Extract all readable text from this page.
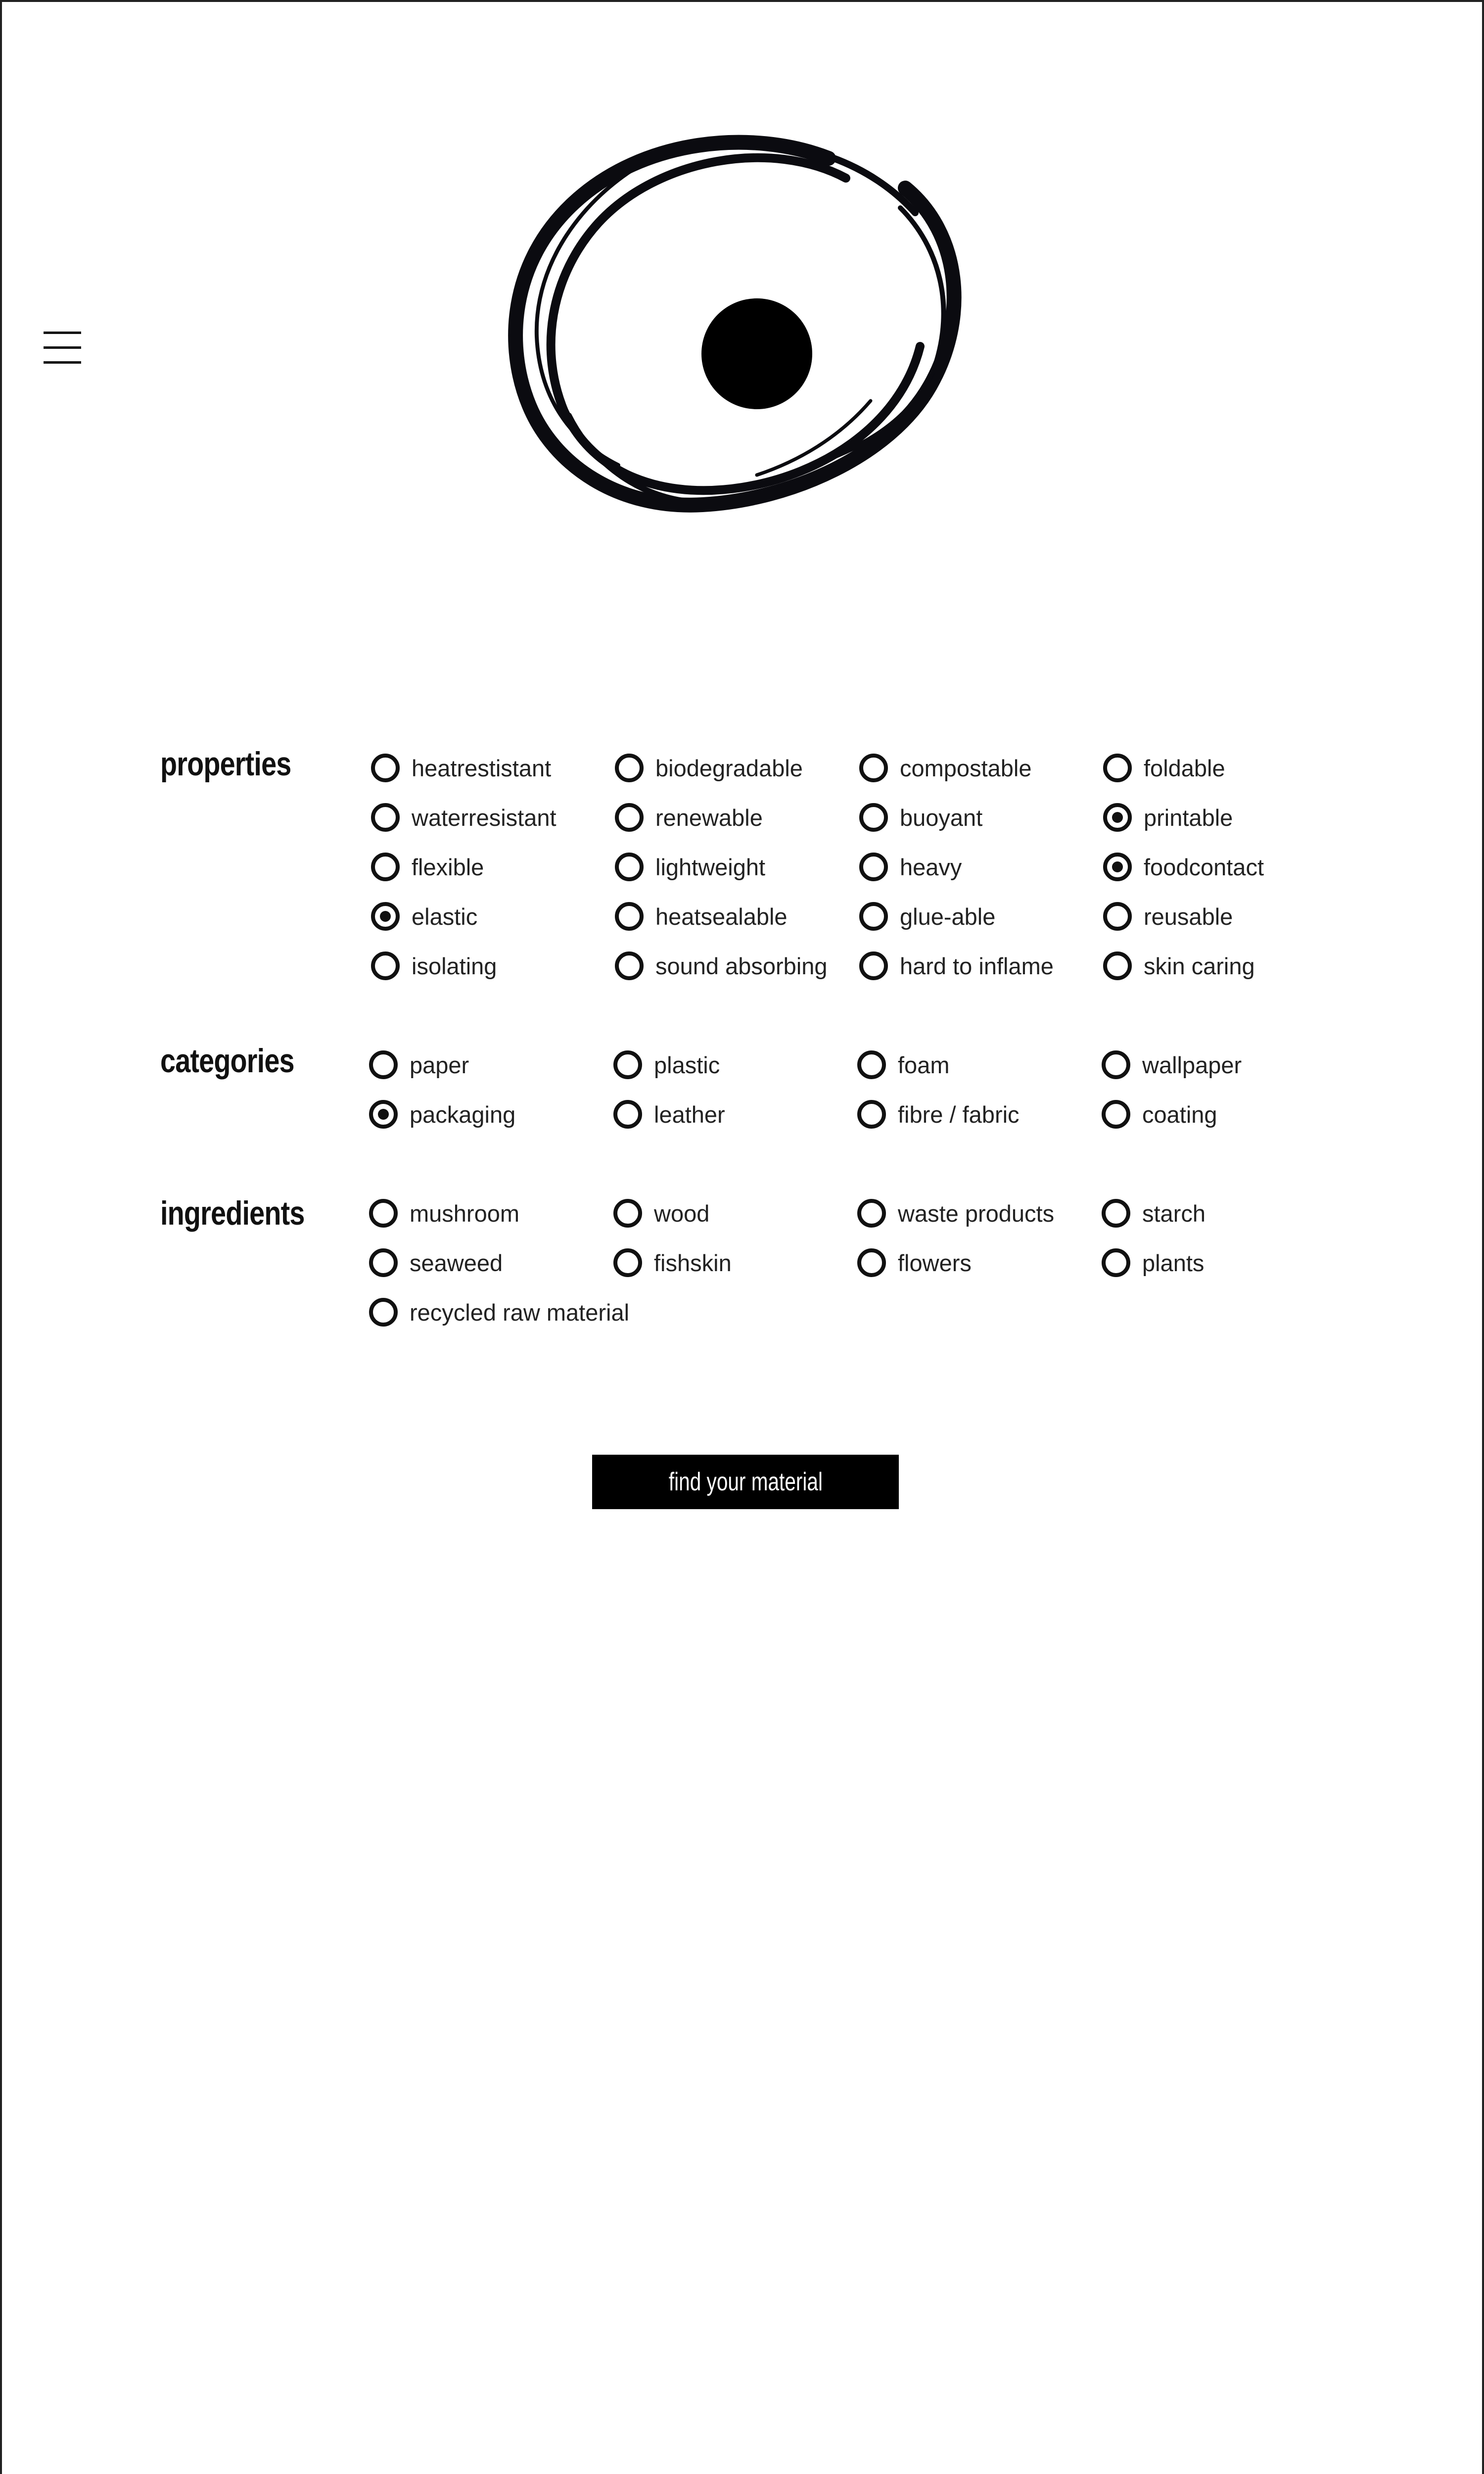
properties	heatrestistant	biodegradable	compostable	foldable
waterresistant	renewable	buoyant	printable
flexible	lightweight	heavy	foodcontact
elastic	heatsealable	glue-able	reusable
isolating	sound absorbing	hard to inflame	skin caring
categories	paper	plastic	foam	wallpaper
packaging	leather	fibre / fabric	coating
ingredients	mushroom	wood	waste products	starch
seaweed	fishskin	flowers	plants
recycled raw material
find your material
